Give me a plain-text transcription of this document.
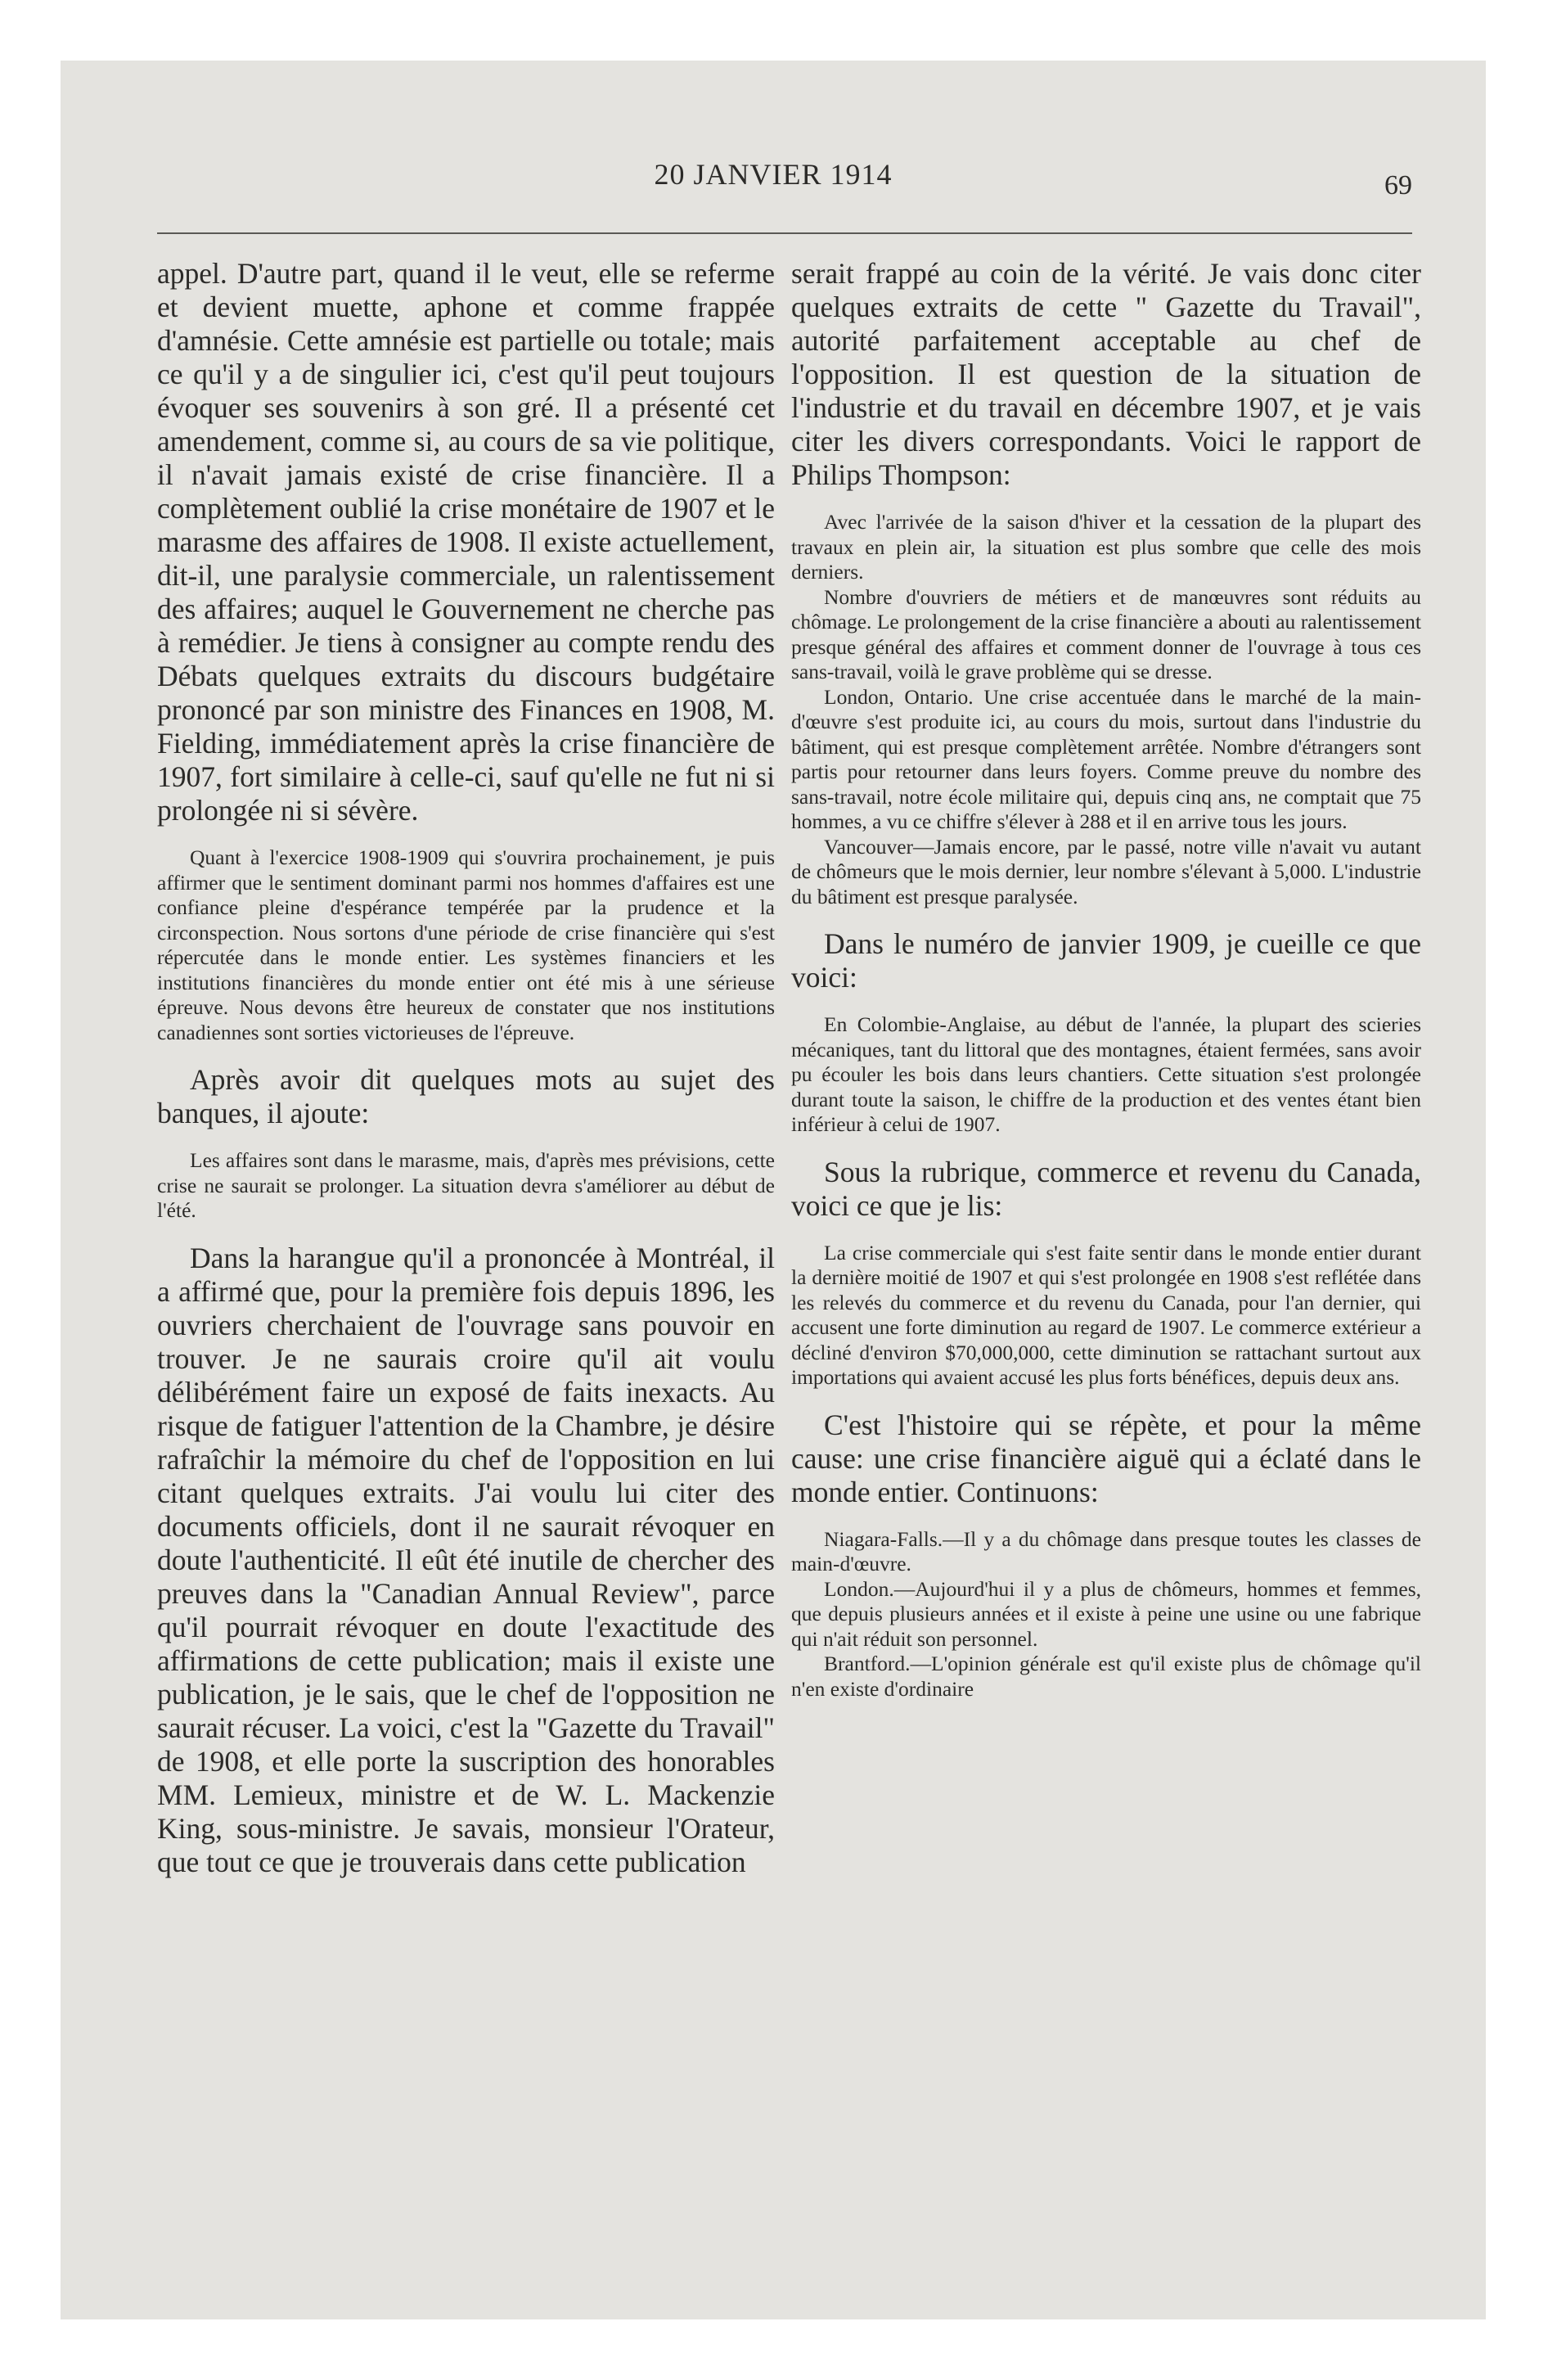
20 JANVIER 1914	69

appel. D'autre part, quand il le veut, elle se referme et devient muette, aphone et comme frappée d'amnésie. Cette amnésie est partielle ou totale; mais ce qu'il y a de singulier ici, c'est qu'il peut toujours évoquer ses souvenirs à son gré. Il a présenté cet amendement, comme si, au cours de sa vie politique, il n'avait jamais existé de crise financière. Il a complètement oublié la crise monétaire de 1907 et le marasme des affaires de 1908. Il existe actuellement, dit-il, une paralysie commerciale, un ralentissement des affaires; auquel le Gouvernement ne cherche pas à remédier. Je tiens à consigner au compte rendu des Débats quelques extraits du discours budgétaire prononcé par son ministre des Finances en 1908, M. Fielding, immédiatement après la crise financière de 1907, fort similaire à celle-ci, sauf qu'elle ne fut ni si prolongée ni si sévère.

Quant à l'exercice 1908-1909 qui s'ouvrira prochainement, je puis affirmer que le sentiment dominant parmi nos hommes d'affaires est une confiance pleine d'espérance tempérée par la prudence et la circonspection. Nous sortons d'une période de crise financière qui s'est répercutée dans le monde entier. Les systèmes financiers et les institutions financières du monde entier ont été mis à une sérieuse épreuve. Nous devons être heureux de constater que nos institutions canadiennes sont sorties victorieuses de l'épreuve.

Après avoir dit quelques mots au sujet des banques, il ajoute:

Les affaires sont dans le marasme, mais, d'après mes prévisions, cette crise ne saurait se prolonger. La situation devra s'améliorer au début de l'été.

Dans la harangue qu'il a prononcée à Montréal, il a affirmé que, pour la première fois depuis 1896, les ouvriers cherchaient de l'ouvrage sans pouvoir en trouver. Je ne saurais croire qu'il ait voulu délibérément faire un exposé de faits inexacts. Au risque de fatiguer l'attention de la Chambre, je désire rafraîchir la mémoire du chef de l'opposition en lui citant quelques extraits. J'ai voulu lui citer des documents officiels, dont il ne saurait révoquer en doute l'authenticité. Il eût été inutile de chercher des preuves dans la "Canadian Annual Review", parce qu'il pourrait révoquer en doute l'exactitude des affirmations de cette publication; mais il existe une publication, je le sais, que le chef de l'opposition ne saurait récuser. La voici, c'est la "Gazette du Travail" de 1908, et elle porte la suscription des honorables MM. Lemieux, ministre et de W. L. Mackenzie King, sous-ministre. Je savais, monsieur l'Orateur, que tout ce que je trouverais dans cette publication

serait frappé au coin de la vérité. Je vais donc citer quelques extraits de cette " Gazette du Travail", autorité parfaitement acceptable au chef de l'opposition. Il est question de la situation de l'industrie et du travail en décembre 1907, et je vais citer les divers correspondants. Voici le rapport de Philips Thompson:

Avec l'arrivée de la saison d'hiver et la cessation de la plupart des travaux en plein air, la situation est plus sombre que celle des mois derniers.

Nombre d'ouvriers de métiers et de manœuvres sont réduits au chômage. Le prolongement de la crise financière a abouti au ralentissement presque général des affaires et comment donner de l'ouvrage à tous ces sans-travail, voilà le grave problème qui se dresse.

London, Ontario. Une crise accentuée dans le marché de la main-d'œuvre s'est produite ici, au cours du mois, surtout dans l'industrie du bâtiment, qui est presque complètement arrêtée. Nombre d'étrangers sont partis pour retourner dans leurs foyers. Comme preuve du nombre des sans-travail, notre école militaire qui, depuis cinq ans, ne comptait que 75 hommes, a vu ce chiffre s'élever à 288 et il en arrive tous les jours.

Vancouver—Jamais encore, par le passé, notre ville n'avait vu autant de chômeurs que le mois dernier, leur nombre s'élevant à 5,000. L'industrie du bâtiment est presque paralysée.

Dans le numéro de janvier 1909, je cueille ce que voici:

En Colombie-Anglaise, au début de l'année, la plupart des scieries mécaniques, tant du littoral que des montagnes, étaient fermées, sans avoir pu écouler les bois dans leurs chantiers. Cette situation s'est prolongée durant toute la saison, le chiffre de la production et des ventes étant bien inférieur à celui de 1907.

Sous la rubrique, commerce et revenu du Canada, voici ce que je lis:

La crise commerciale qui s'est faite sentir dans le monde entier durant la dernière moitié de 1907 et qui s'est prolongée en 1908 s'est reflétée dans les relevés du commerce et du revenu du Canada, pour l'an dernier, qui accusent une forte diminution au regard de 1907. Le commerce extérieur a décliné d'environ $70,000,000, cette diminution se rattachant surtout aux importations qui avaient accusé les plus forts bénéfices, depuis deux ans.

C'est l'histoire qui se répète, et pour la même cause: une crise financière aiguë qui a éclaté dans le monde entier. Continuons:

Niagara-Falls.—Il y a du chômage dans presque toutes les classes de main-d'œuvre.

London.—Aujourd'hui il y a plus de chômeurs, hommes et femmes, que depuis plusieurs années et il existe à peine une usine ou une fabrique qui n'ait réduit son personnel.

Brantford.—L'opinion générale est qu'il existe plus de chômage qu'il n'en existe d'ordinaire
